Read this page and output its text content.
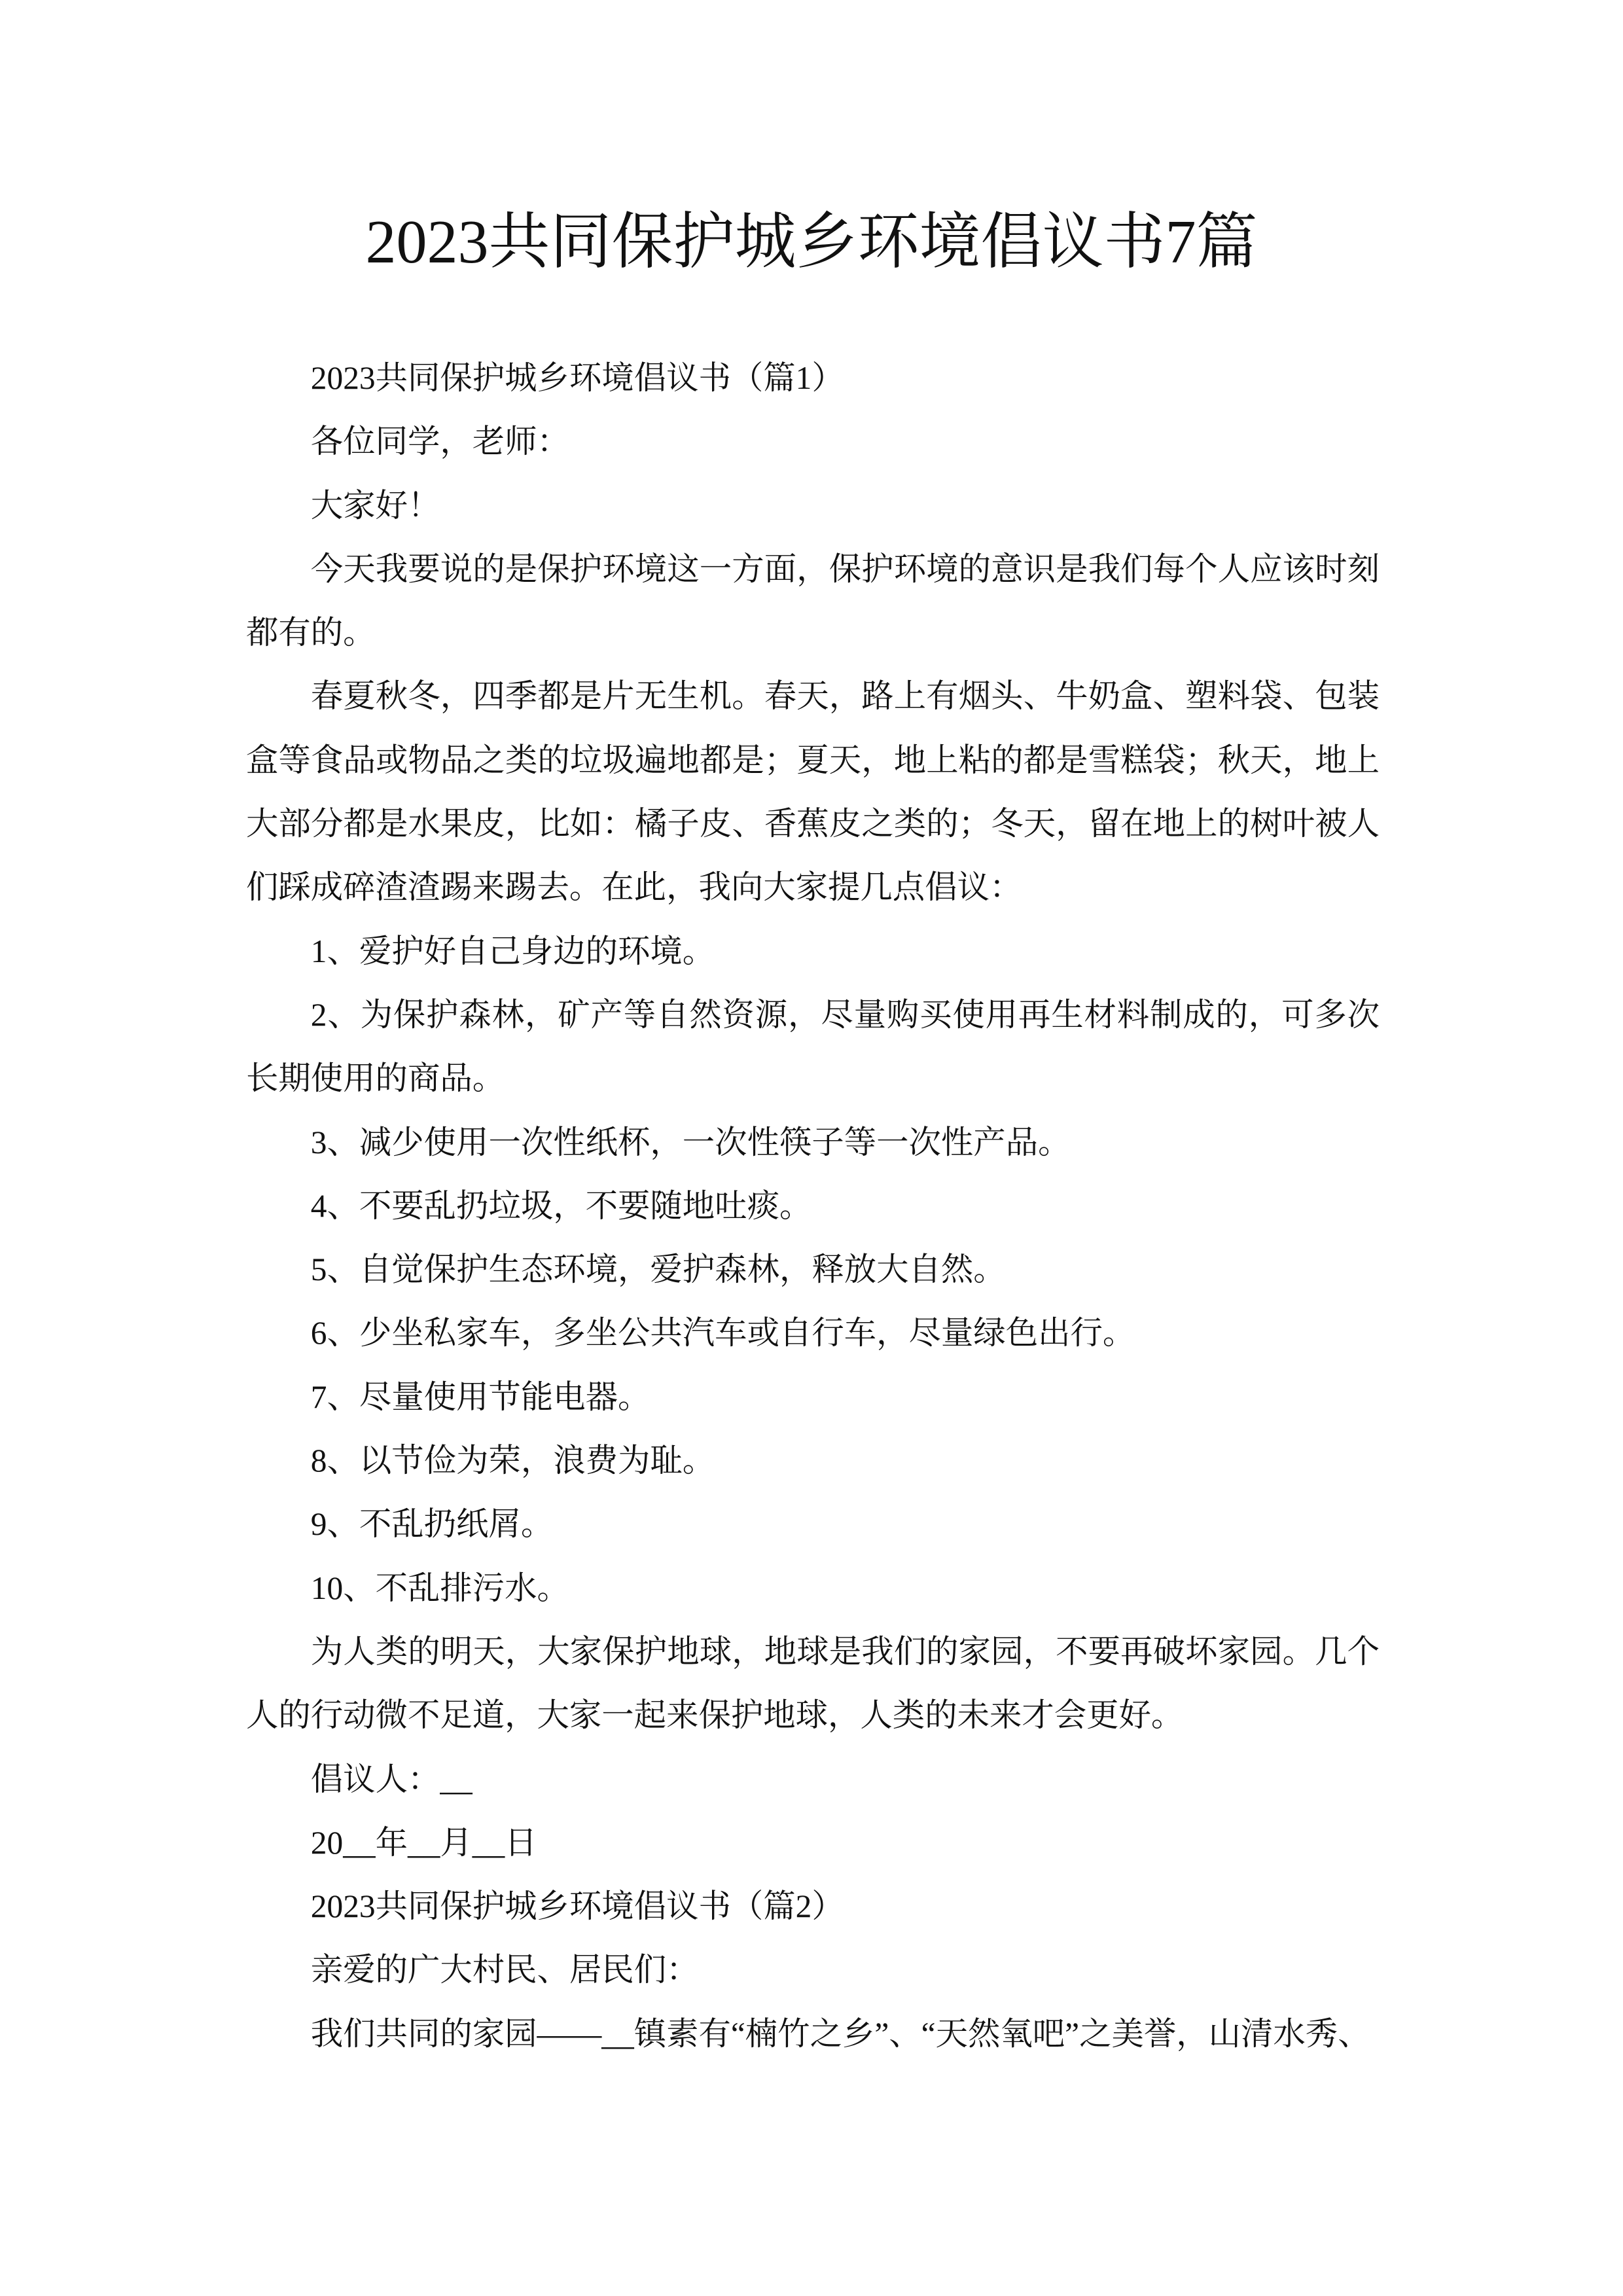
2023共同保护城乡环境倡议书7篇

2023共同保护城乡环境倡议书（篇1）

各位同学，老师：

大家好！

今天我要说的是保护环境这一方面，保护环境的意识是我们每个人应该时刻都有的。

春夏秋冬，四季都是片无生机。春天，路上有烟头、牛奶盒、塑料袋、包装盒等食品或物品之类的垃圾遍地都是；夏天，地上粘的都是雪糕袋；秋天，地上大部分都是水果皮，比如：橘子皮、香蕉皮之类的；冬天，留在地上的树叶被人们踩成碎渣渣踢来踢去。在此，我向大家提几点倡议：

1、爱护好自己身边的环境。

2、为保护森林，矿产等自然资源，尽量购买使用再生材料制成的，可多次长期使用的商品。

3、减少使用一次性纸杯，一次性筷子等一次性产品。

4、不要乱扔垃圾，不要随地吐痰。

5、自觉保护生态环境，爱护森林，释放大自然。

6、少坐私家车，多坐公共汽车或自行车，尽量绿色出行。

7、尽量使用节能电器。

8、以节俭为荣，浪费为耻。

9、不乱扔纸屑。

10、不乱排污水。

为人类的明天，大家保护地球，地球是我们的家园，不要再破坏家园。几个人的行动微不足道，大家一起来保护地球，人类的未来才会更好。

倡议人：__

20__年__月__日

2023共同保护城乡环境倡议书（篇2）

亲爱的广大村民、居民们：

我们共同的家园——__镇素有“楠竹之乡”、“天然氧吧”之美誉，山清水秀、
